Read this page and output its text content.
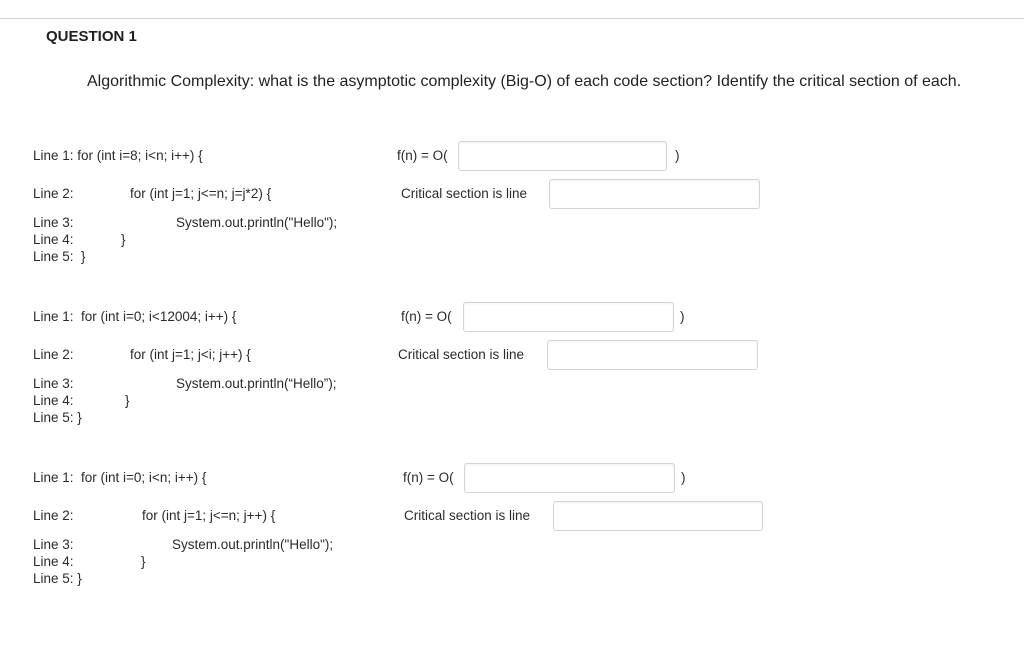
QUESTION 1
Algorithmic Complexity: what is the asymptotic complexity (Big-O) of each code section? Identify the critical section of each.
Line 1: for (int i=8; i<n; i++) {
Line 2:	for (int j=1; j<=n; j=j*2) {
Line 3:	System.out.println("Hello");
Line 4:	}
Line 5:  }
f(n) = O(	)
Critical section is line
Line 1:  for (int i=0; i<12004; i++) {
Line 2:	for (int j=1; j<i; j++) {
Line 3:	System.out.println(“Hello”);
Line 4:	}
Line 5: }
f(n) = O(	)
Critical section is line
Line 1:  for (int i=0; i<n; i++) {
Line 2:	for (int j=1; j<=n; j++) {
Line 3:	System.out.println("Hello");
Line 4:	}
Line 5: }
f(n) = O(	)
Critical section is line
